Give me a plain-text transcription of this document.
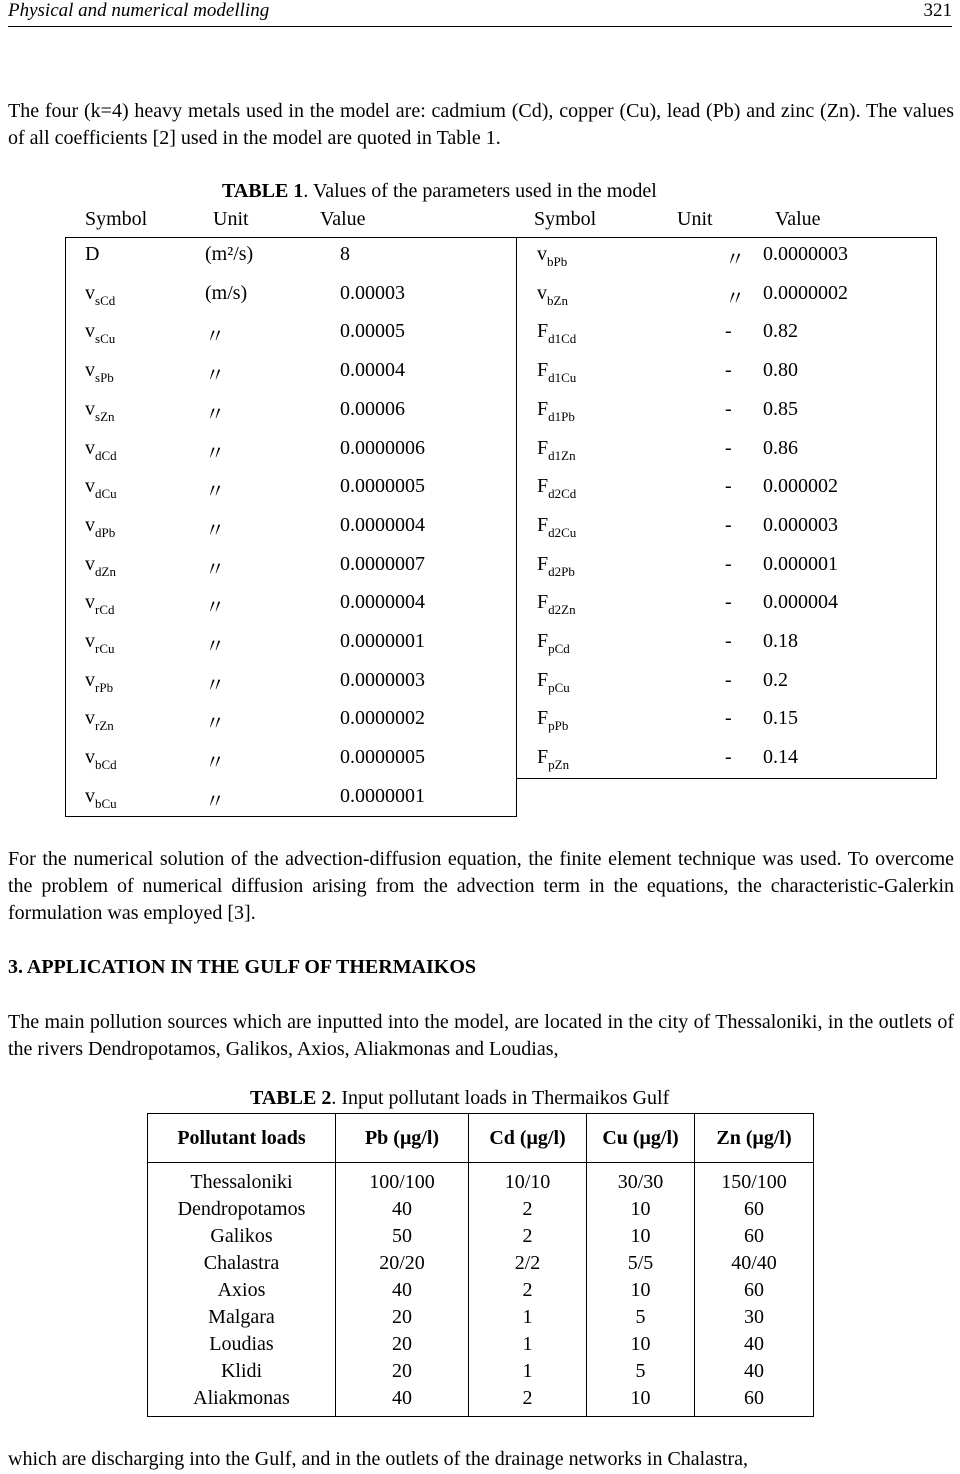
Physical and numerical modelling	321
The four (k=4) heavy metals used in the model are: cadmium (Cd), copper (Cu), lead (Pb) and zinc (Zn). The values of all coefficients [2] used in the model are quoted in Table 1.
TABLE 1. Values of the parameters used in the model
Symbol	Unit	Value	Symbol	Unit	Value
D	(m²/s)	8	$v_{bPb}$	〃 0.0000003
$v_{sCd}$	(m/s)	0.00003	$v_{bZn}$	〃 0.0000002
$v_{sCu}$	〃	0.00005	$F_{d1Cd}$	- 0.82
$v_{sPb}$	〃	0.00004	$F_{d1Cu}$	- 0.80
$v_{sZn}$	〃	0.00006	$F_{d1Pb}$	- 0.85
$v_{dCd}$	〃	0.0000006	$F_{d1Zn}$	- 0.86
$v_{dCu}$	〃	0.0000005	$F_{d2Cd}$	- 0.000002
$v_{dPb}$	〃	0.0000004	$F_{d2Cu}$	- 0.000003
$v_{dZn}$	〃	0.0000007	$F_{d2Pb}$	- 0.000001
$v_{rCd}$	〃	0.0000004	$F_{d2Zn}$	- 0.000004
$v_{rCu}$	〃	0.0000001	$F_{pCd}$	- 0.18
$v_{rPb}$	〃	0.0000003	$F_{pCu}$	- 0.2
$v_{rZn}$	〃	0.0000002	$F_{pPb}$	- 0.15
$v_{bCd}$	〃	0.0000005	$F_{pZn}$	- 0.14
$v_{bCu}$	〃	0.0000001
For the numerical solution of the advection-diffusion equation, the finite element technique was used. To overcome the problem of numerical diffusion arising from the advection term in the equations, the characteristic-Galerkin formulation was employed [3].
3. APPLICATION IN THE GULF OF THERMAIKOS
The main pollution sources which are inputted into the model, are located in the city of Thessaloniki, in the outlets of the rivers Dendropotamos, Galikos, Axios, Aliakmonas and Loudias,
TABLE 2. Input pollutant loads in Thermaikos Gulf
Pollutant loads	Pb (μg/l)	Cd (μg/l)	Cu (μg/l)	Zn (μg/l)
Thessaloniki	100/100	10/10	30/30	150/100
Dendropotamos	40	2	10	60
Galikos	50	2	10	60
Chalastra	20/20	2/2	5/5	40/40
Axios	40	2	10	60
Malgara	20	1	5	30
Loudias	20	1	10	40
Klidi	20	1	5	40
Aliakmonas	40	2	10	60
which are discharging into the Gulf, and in the outlets of the drainage networks in Chalastra,
